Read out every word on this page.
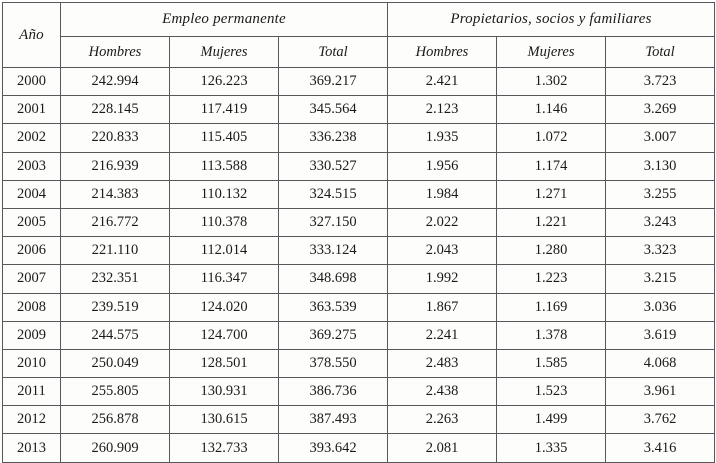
Año	Empleo permanente			Propietarios, socios y familiares		
	Hombres	Mujeres	Total	Hombres	Mujeres	Total
2000	242.994	126.223	369.217	2.421	1.302	3.723
2001	228.145	117.419	345.564	2.123	1.146	3.269
2002	220.833	115.405	336.238	1.935	1.072	3.007
2003	216.939	113.588	330.527	1.956	1.174	3.130
2004	214.383	110.132	324.515	1.984	1.271	3.255
2005	216.772	110.378	327.150	2.022	1.221	3.243
2006	221.110	112.014	333.124	2.043	1.280	3.323
2007	232.351	116.347	348.698	1.992	1.223	3.215
2008	239.519	124.020	363.539	1.867	1.169	3.036
2009	244.575	124.700	369.275	2.241	1.378	3.619
2010	250.049	128.501	378.550	2.483	1.585	4.068
2011	255.805	130.931	386.736	2.438	1.523	3.961
2012	256.878	130.615	387.493	2.263	1.499	3.762
2013	260.909	132.733	393.642	2.081	1.335	3.416
